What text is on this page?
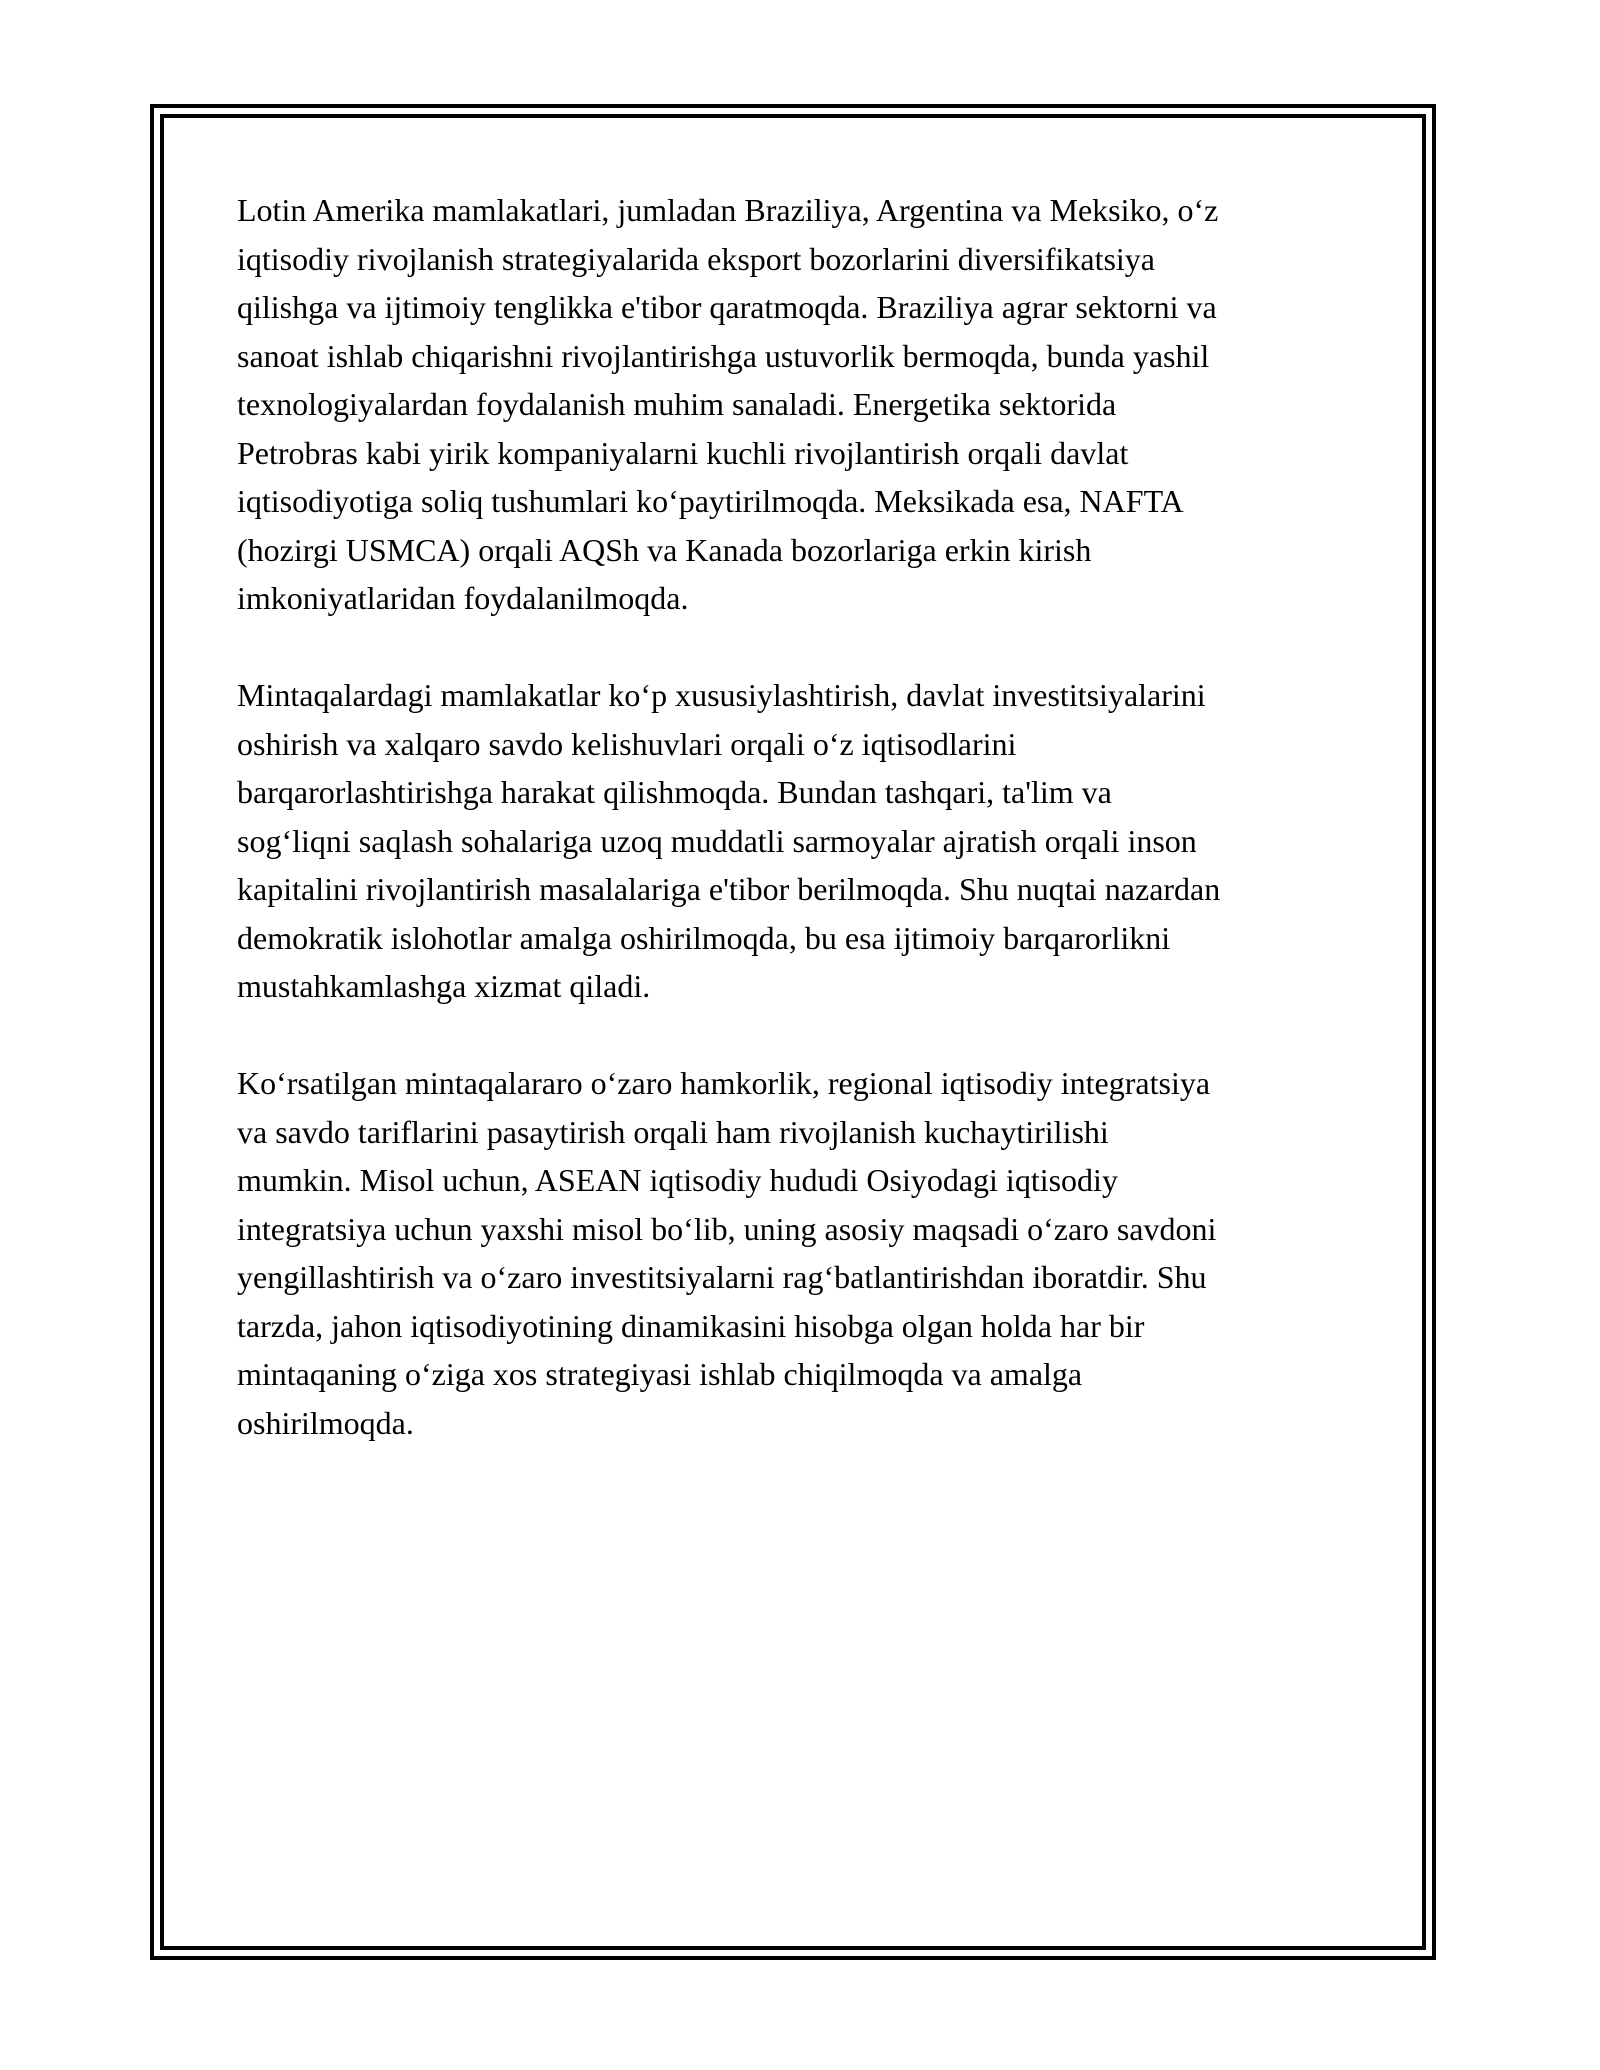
Lotin Amerika mamlakatlari, jumladan Braziliya, Argentina va Meksiko, o‘z
iqtisodiy rivojlanish strategiyalarida eksport bozorlarini diversifikatsiya
qilishga va ijtimoiy tenglikka e'tibor qaratmoqda. Braziliya agrar sektorni va
sanoat ishlab chiqarishni rivojlantirishga ustuvorlik bermoqda, bunda yashil
texnologiyalardan foydalanish muhim sanaladi. Energetika sektorida
Petrobras kabi yirik kompaniyalarni kuchli rivojlantirish orqali davlat
iqtisodiyotiga soliq tushumlari ko‘paytirilmoqda. Meksikada esa, NAFTA
(hozirgi USMCA) orqali AQSh va Kanada bozorlariga erkin kirish
imkoniyatlaridan foydalanilmoqda.

Mintaqalardagi mamlakatlar ko‘p xususiylashtirish, davlat investitsiyalarini
oshirish va xalqaro savdo kelishuvlari orqali o‘z iqtisodlarini
barqarorlashtirishga harakat qilishmoqda. Bundan tashqari, ta'lim va
sog‘liqni saqlash sohalariga uzoq muddatli sarmoyalar ajratish orqali inson
kapitalini rivojlantirish masalalariga e'tibor berilmoqda. Shu nuqtai nazardan
demokratik islohotlar amalga oshirilmoqda, bu esa ijtimoiy barqarorlikni
mustahkamlashga xizmat qiladi.

Ko‘rsatilgan mintaqalararo o‘zaro hamkorlik, regional iqtisodiy integratsiya
va savdo tariflarini pasaytirish orqali ham rivojlanish kuchaytirilishi
mumkin. Misol uchun, ASEAN iqtisodiy hududi Osiyodagi iqtisodiy
integratsiya uchun yaxshi misol bo‘lib, uning asosiy maqsadi o‘zaro savdoni
yengillashtirish va o‘zaro investitsiyalarni rag‘batlantirishdan iboratdir. Shu
tarzda, jahon iqtisodiyotining dinamikasini hisobga olgan holda har bir
mintaqaning o‘ziga xos strategiyasi ishlab chiqilmoqda va amalga
oshirilmoqda.
